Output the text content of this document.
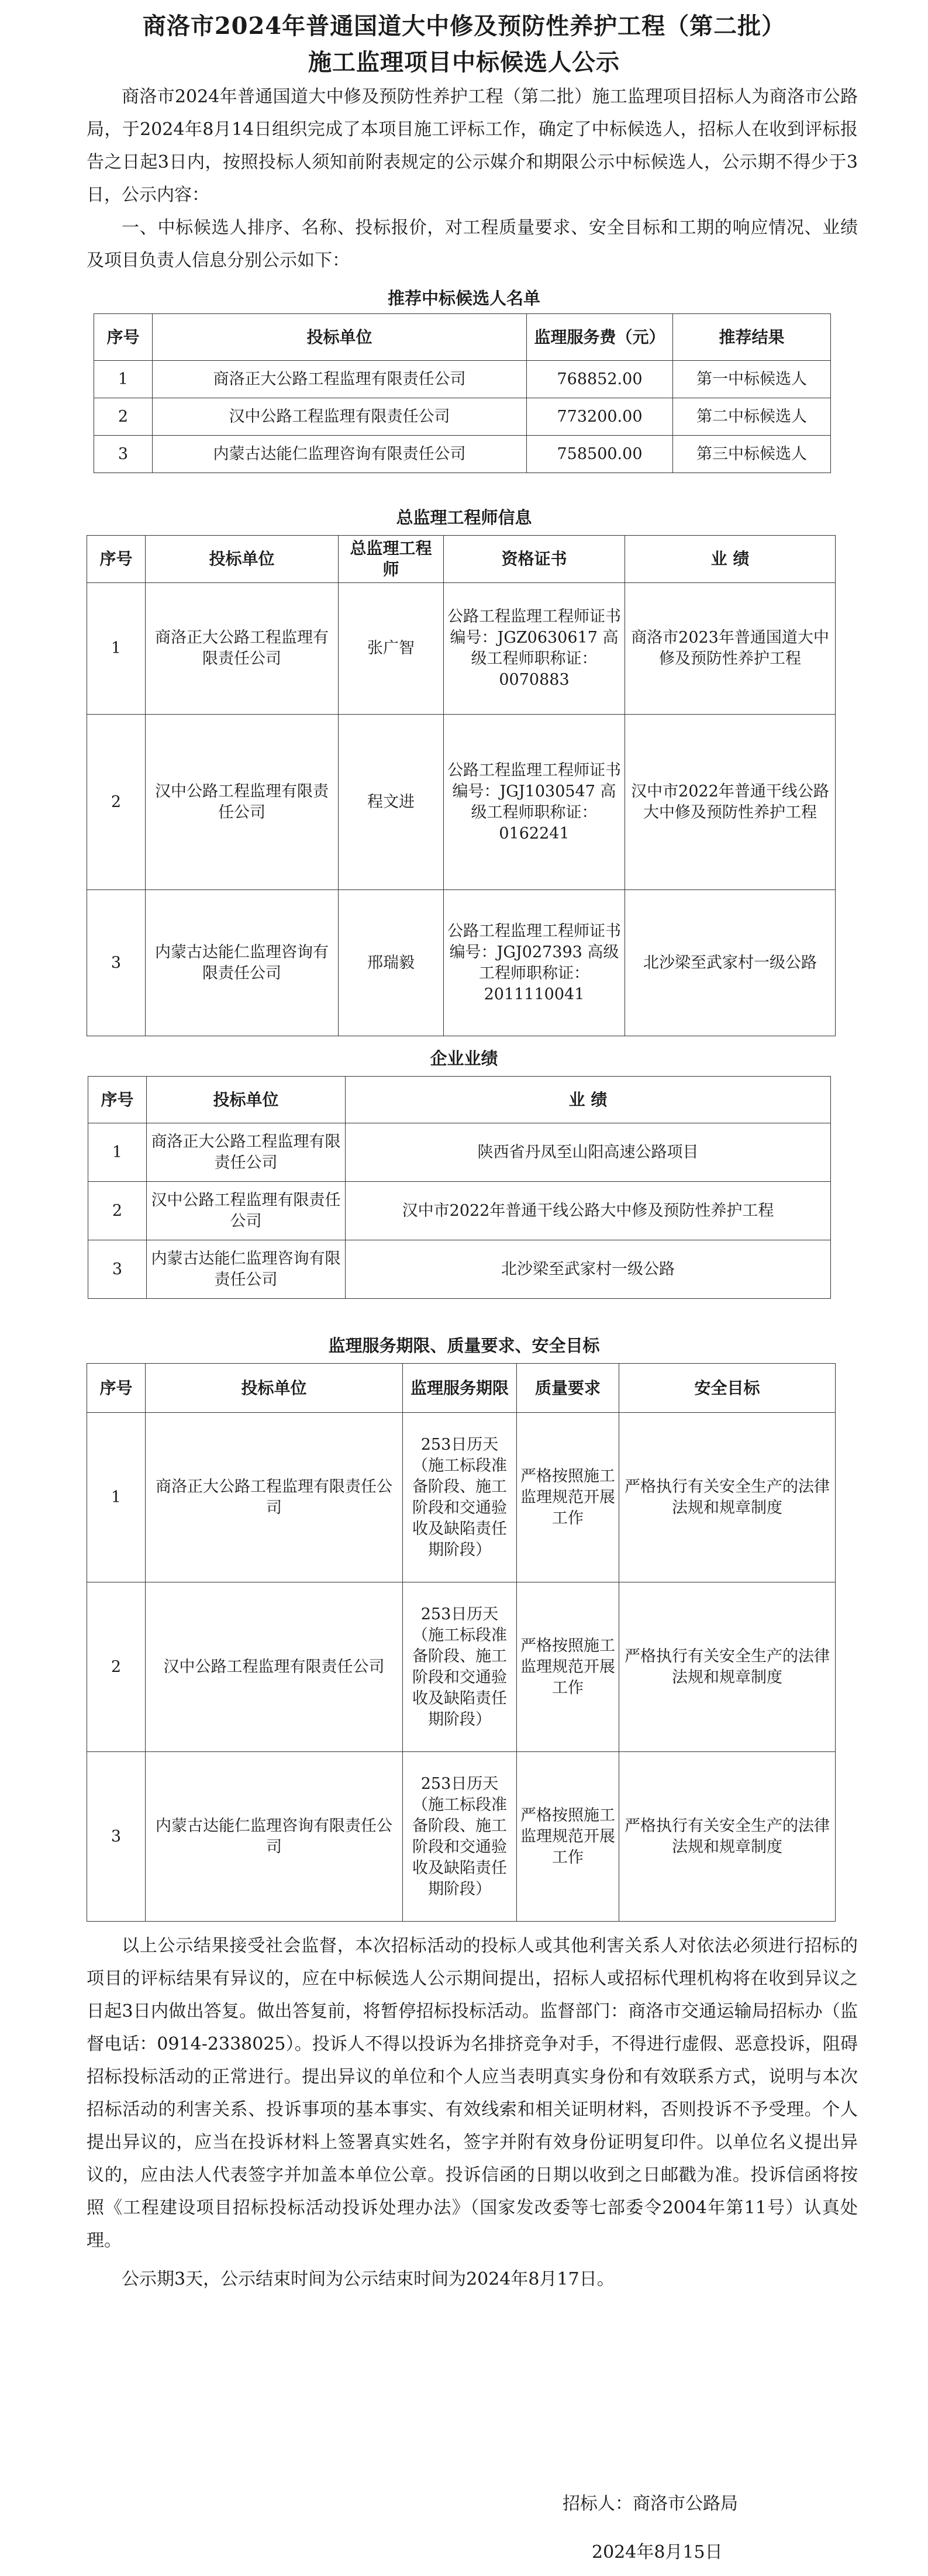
商洛市2024年普通国道大中修及预防性养护工程（第二批）
施工监理项目中标候选人公示

商洛市2024年普通国道大中修及预防性养护工程（第二批）施工监理项目招标人为商洛市公路局，于2024年8月14日组织完成了本项目施工评标工作，确定了中标候选人，招标人在收到评标报告之日起3日内，按照投标人须知前附表规定的公示媒介和期限公示中标候选人，公示期不得少于3日，公示内容：

一、中标候选人排序、名称、投标报价，对工程质量要求、安全目标和工期的响应情况、业绩及项目负责人信息分别公示如下：

推荐中标候选人名单

序号	投标单位	监理服务费（元）	推荐结果
1	商洛正大公路工程监理有限责任公司	768852.00	第一中标候选人
2	汉中公路工程监理有限责任公司	773200.00	第二中标候选人
3	内蒙古达能仁监理咨询有限责任公司	758500.00	第三中标候选人

总监理工程师信息

序号	投标单位	总监理工程师	资格证书	业 绩
1	商洛正大公路工程监理有限责任公司	张广智	公路工程监理工程师证书编号：JGZ0630617 高级工程师职称证：0070883	商洛市2023年普通国道大中修及预防性养护工程
2	汉中公路工程监理有限责任公司	程文进	公路工程监理工程师证书编号：JGJ1030547 高级工程师职称证：0162241	汉中市2022年普通干线公路大中修及预防性养护工程
3	内蒙古达能仁监理咨询有限责任公司	邢瑞毅	公路工程监理工程师证书编号：JGJ027393 高级工程师职称证：2011110041	北沙梁至武家村一级公路

企业业绩

序号	投标单位	业 绩
1	商洛正大公路工程监理有限责任公司	陕西省丹凤至山阳高速公路项目
2	汉中公路工程监理有限责任公司	汉中市2022年普通干线公路大中修及预防性养护工程
3	内蒙古达能仁监理咨询有限责任公司	北沙梁至武家村一级公路

监理服务期限、质量要求、安全目标

序号	投标单位	监理服务期限	质量要求	安全目标
1	商洛正大公路工程监理有限责任公司	253日历天（施工标段准备阶段、施工阶段和交通验收及缺陷责任期阶段）	严格按照施工监理规范开展工作	严格执行有关安全生产的法律法规和规章制度
2	汉中公路工程监理有限责任公司	253日历天（施工标段准备阶段、施工阶段和交通验收及缺陷责任期阶段）	严格按照施工监理规范开展工作	严格执行有关安全生产的法律法规和规章制度
3	内蒙古达能仁监理咨询有限责任公司	253日历天（施工标段准备阶段、施工阶段和交通验收及缺陷责任期阶段）	严格按照施工监理规范开展工作	严格执行有关安全生产的法律法规和规章制度

以上公示结果接受社会监督，本次招标活动的投标人或其他利害关系人对依法必须进行招标的项目的评标结果有异议的，应在中标候选人公示期间提出，招标人或招标代理机构将在收到异议之日起3日内做出答复。做出答复前，将暂停招标投标活动。监督部门：商洛市交通运输局招标办（监督电话：0914-2338025）。投诉人不得以投诉为名排挤竞争对手，不得进行虚假、恶意投诉，阻碍招标投标活动的正常进行。提出异议的单位和个人应当表明真实身份和有效联系方式，说明与本次招标活动的利害关系、投诉事项的基本事实、有效线索和相关证明材料，否则投诉不予受理。个人提出异议的，应当在投诉材料上签署真实姓名，签字并附有效身份证明复印件。以单位名义提出异议的，应由法人代表签字并加盖本单位公章。投诉信函的日期以收到之日邮戳为准。投诉信函将按照《工程建设项目招标投标活动投诉处理办法》（国家发改委等七部委令2004年第11号）认真处理。

公示期3天，公示结束时间为公示结束时间为2024年8月17日。

招标人：商洛市公路局
2024年8月15日
